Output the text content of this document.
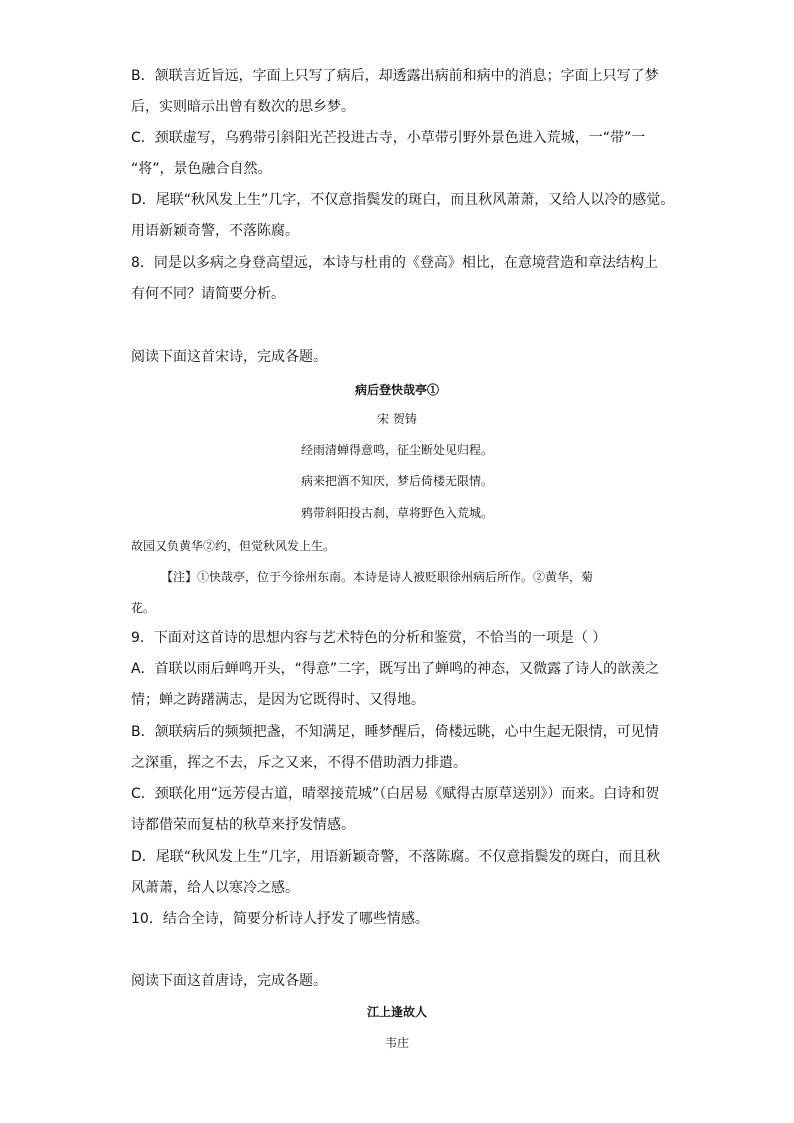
B．颔联言近旨远，字面上只写了病后，却透露出病前和病中的消息；字面上只写了梦
后，实则暗示出曾有数次的思乡梦。
C．颈联虚写，乌鸦带引斜阳光芒投进古寺，小草带引野外景色进入荒城，一“带”一
“将”，景色融合自然。
D．尾联“秋风发上生”几字，不仅意指鬓发的斑白，而且秋风萧萧，又给人以冷的感觉。
用语新颖奇警，不落陈腐。
8．同是以多病之身登高望远，本诗与杜甫的《登高》相比，在意境营造和章法结构上
有何不同？请简要分析。
阅读下面这首宋诗，完成各题。
病后登快哉亭①
宋 贺铸
经雨清蝉得意鸣，征尘断处见归程。
病来把酒不知厌，梦后倚楼无限情。
鸦带斜阳投古刹，草将野色入荒城。
故园又负黄华②约，但觉秋风发上生。
【注】①快哉亭，位于今徐州东南。本诗是诗人被贬职徐州病后所作。②黄华，菊
花。
9．下面对这首诗的思想内容与艺术特色的分析和鉴赏，不恰当的一项是（ ）
A．首联以雨后蝉鸣开头，“得意”二字，既写出了蝉鸣的神态，又微露了诗人的歆羡之
情；蝉之踌躇满志，是因为它既得时、又得地。
B．颔联病后的频频把盏，不知满足，睡梦醒后，倚楼远眺，心中生起无限情，可见情
之深重，挥之不去，斥之又来，不得不借助酒力排遣。
C．颈联化用“远芳侵古道，晴翠接荒城”（白居易《赋得古原草送别》）而来。白诗和贺
诗都借荣而复枯的秋草来抒发情感。
D．尾联“秋风发上生”几字，用语新颖奇警，不落陈腐。不仅意指鬓发的斑白，而且秋
风萧萧，给人以寒冷之感。
10．结合全诗，简要分析诗人抒发了哪些情感。
阅读下面这首唐诗，完成各题。
江上逢故人
韦庄
